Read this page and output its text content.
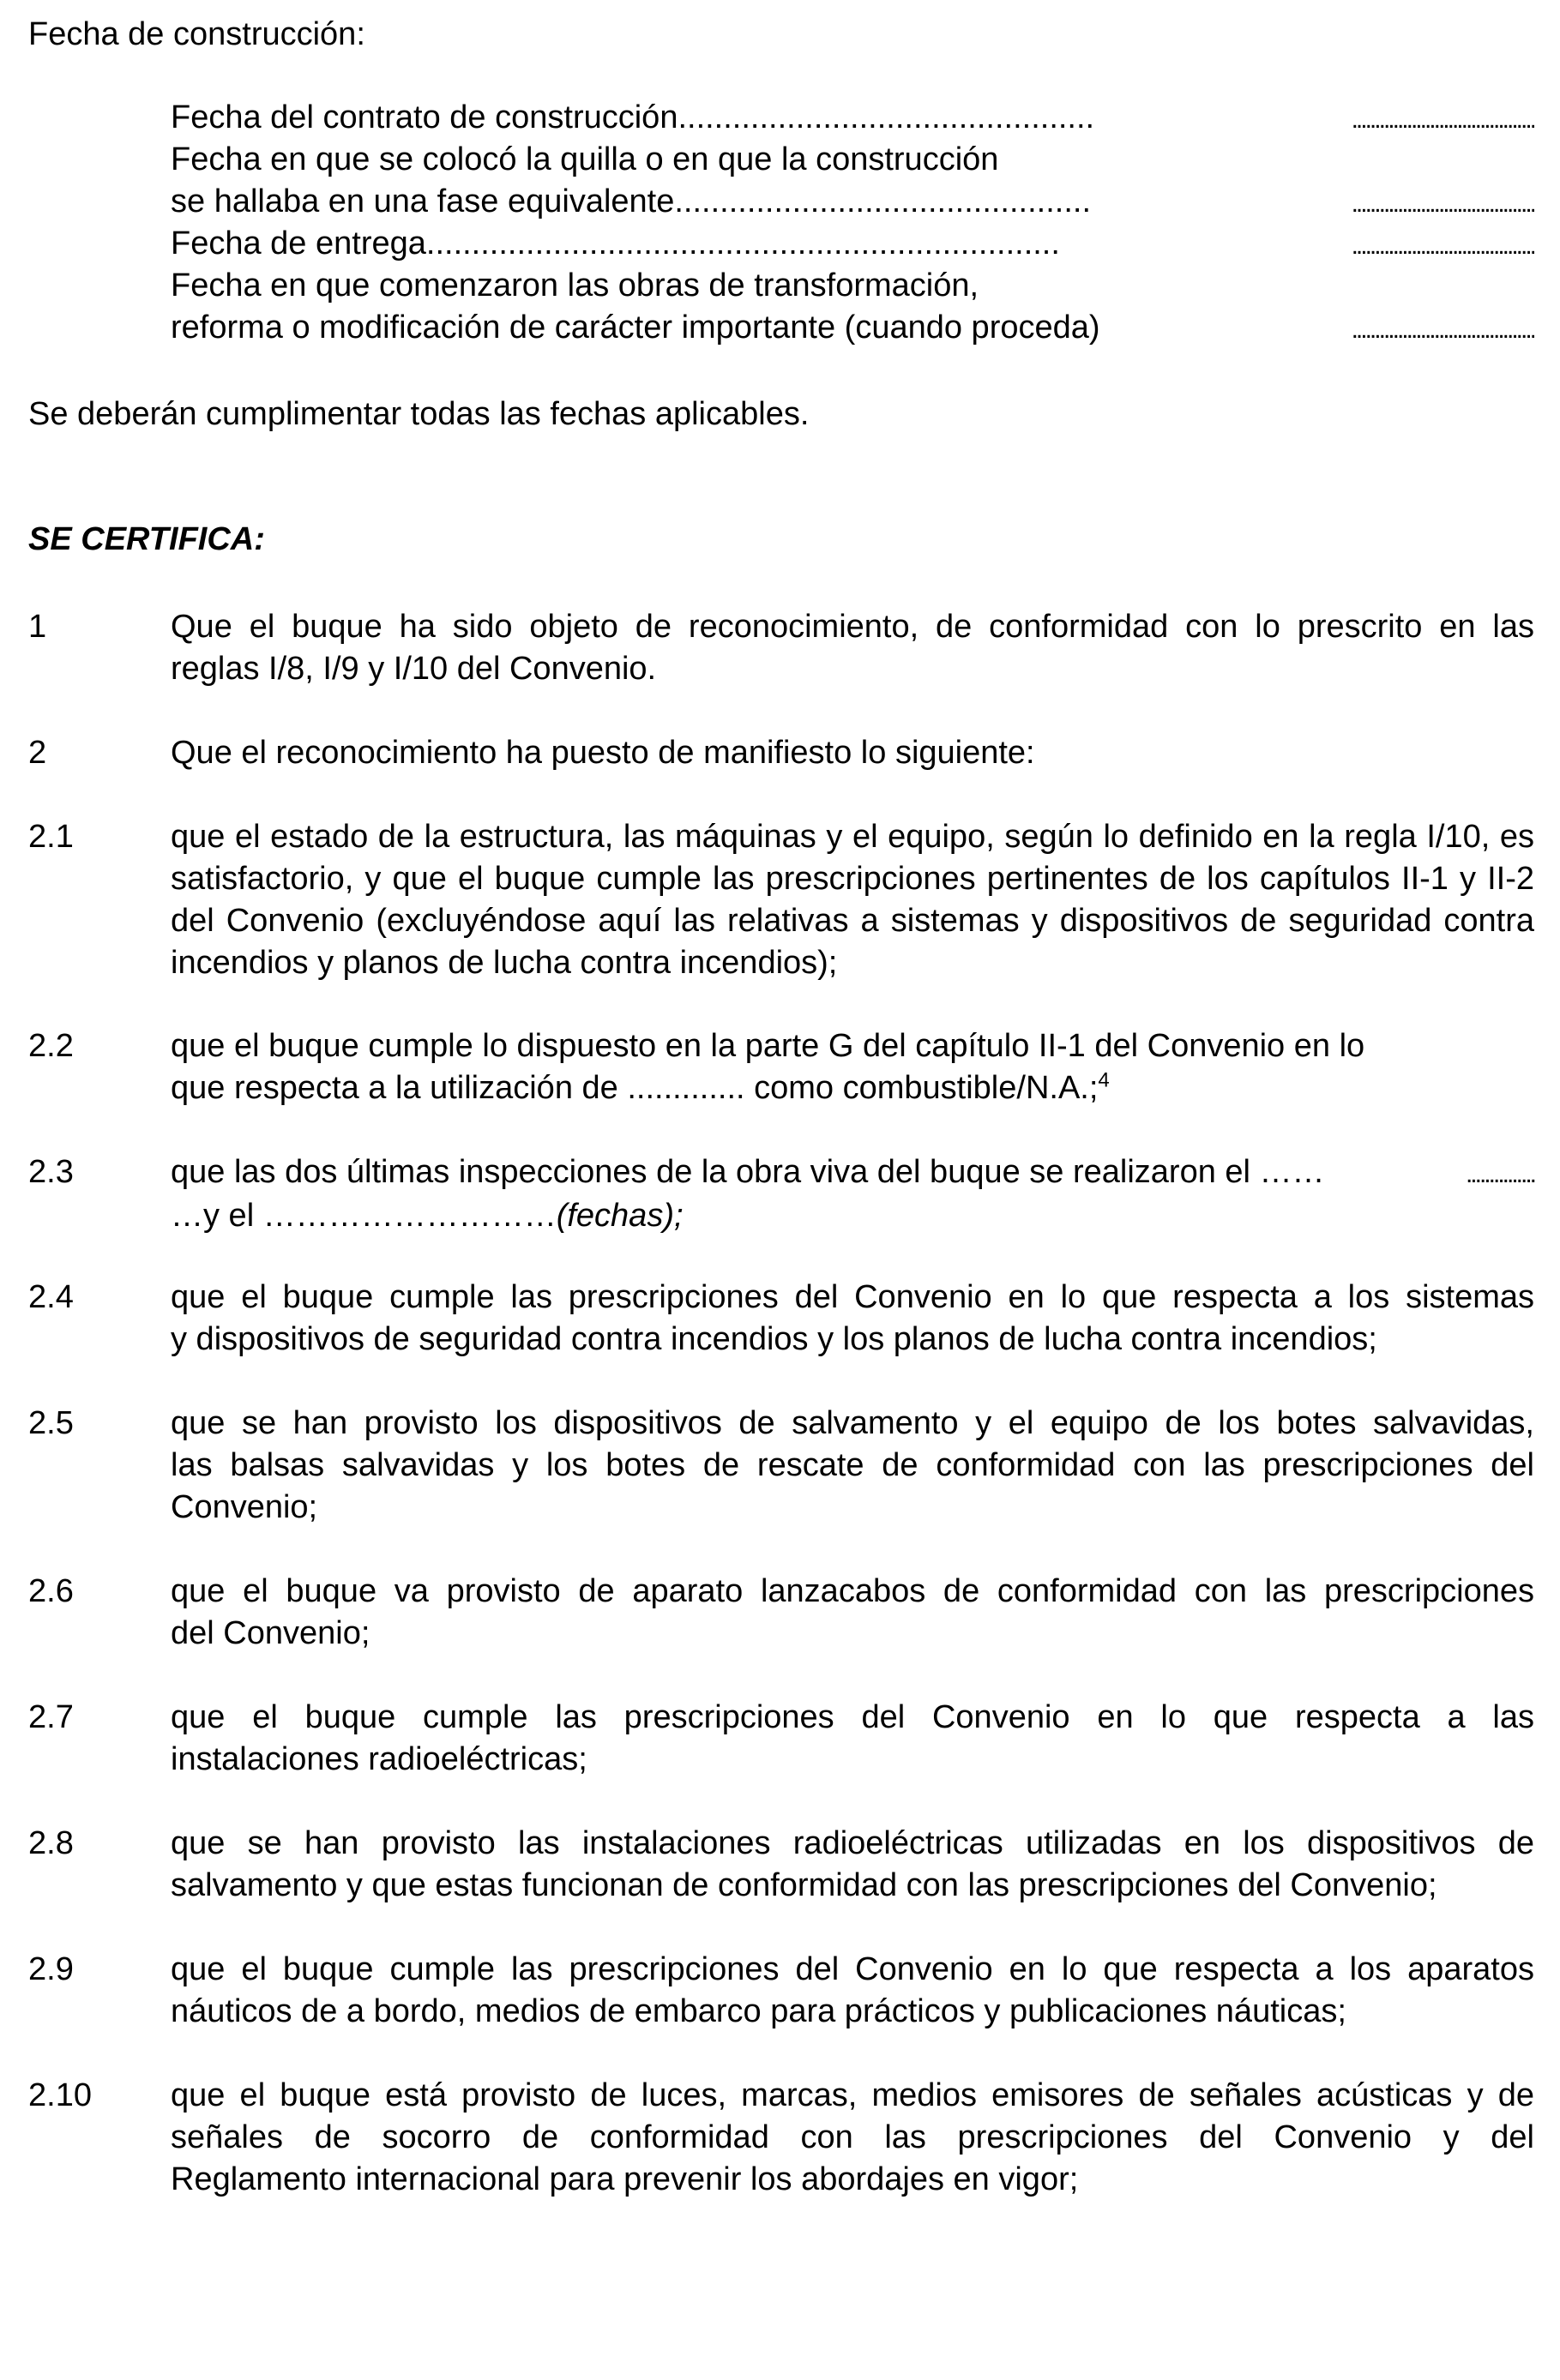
Fecha de construcción:
Fecha del contrato de construcción ..............................................	........................................
Fecha en que se colocó la quilla o en que la construcción
se hallaba en una fase equivalente ..............................................	........................................
Fecha de entrega ......................................................................	........................................
Fecha en que comenzaron las obras de transformación,
reforma o modificación de carácter importante (cuando proceda)	........................................
Se deberán cumplimentar todas las fechas aplicables.
SE CERTIFICA:
1	Que el buque ha sido objeto de reconocimiento, de conformidad con lo prescrito en las
reglas I/8, I/9 y I/10 del Convenio.
2	Que el reconocimiento ha puesto de manifiesto lo siguiente:
2.1	que el estado de la estructura, las máquinas y el equipo, según lo definido en la regla I/10, es
satisfactorio, y que el buque cumple las prescripciones pertinentes de los capítulos II-1 y II-2
del Convenio (excluyéndose aquí las relativas a sistemas y dispositivos de seguridad contra
incendios y planos de lucha contra incendios);
2.2	que el buque cumple lo dispuesto en la parte G del capítulo II-1 del Convenio en lo
que respecta a la utilización de ............. como combustible/N.A.;$^4$
2.3	que las dos últimas inspecciones de la obra viva del buque se realizaron el ……	...............
…y el ………………………(fechas);
2.4	que el buque cumple las prescripciones del Convenio en lo que respecta a los sistemas
y dispositivos de seguridad contra incendios y los planos de lucha contra incendios;
2.5	que se han provisto los dispositivos de salvamento y el equipo de los botes salvavidas,
las balsas salvavidas y los botes de rescate de conformidad con las prescripciones del
Convenio;
2.6	que el buque va provisto de aparato lanzacabos de conformidad con las prescripciones
del Convenio;
2.7	que el buque cumple las prescripciones del Convenio en lo que respecta a las
instalaciones radioeléctricas;
2.8	que se han provisto las instalaciones radioeléctricas utilizadas en los dispositivos de
salvamento y que estas funcionan de conformidad con las prescripciones del Convenio;
2.9	que el buque cumple las prescripciones del Convenio en lo que respecta a los aparatos
náuticos de a bordo, medios de embarco para prácticos y publicaciones náuticas;
2.10	que el buque está provisto de luces, marcas, medios emisores de señales acústicas y de
señales de socorro de conformidad con las prescripciones del Convenio y del
Reglamento internacional para prevenir los abordajes en vigor;
